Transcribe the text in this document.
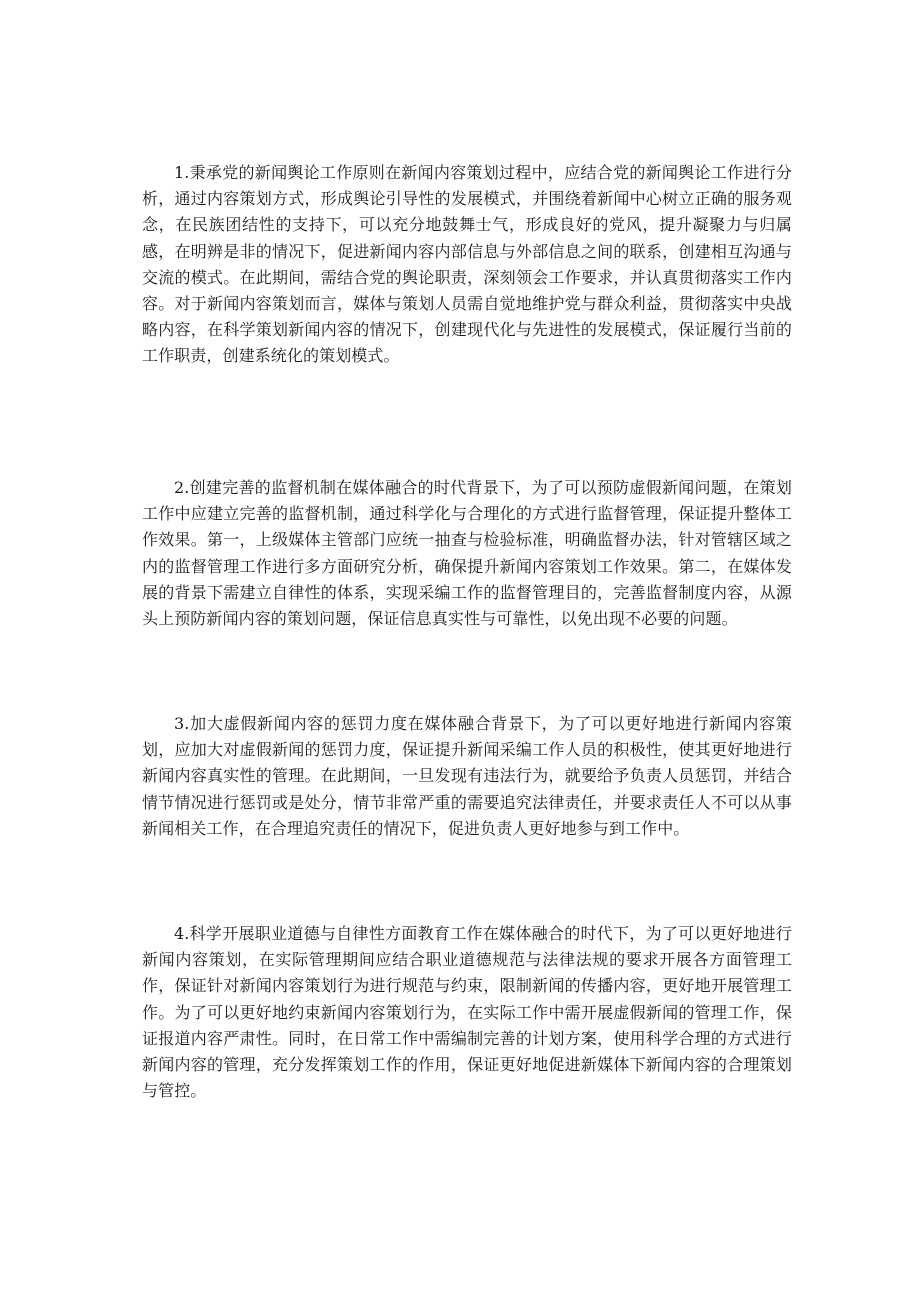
1.秉承党的新闻舆论工作原则在新闻内容策划过程中，应结合党的新闻舆论工作进行分析，通过内容策划方式，形成舆论引导性的发展模式，并围绕着新闻中心树立正确的服务观念，在民族团结性的支持下，可以充分地鼓舞士气，形成良好的党风，提升凝聚力与归属感，在明辨是非的情况下，促进新闻内容内部信息与外部信息之间的联系，创建相互沟通与交流的模式。在此期间，需结合党的舆论职责，深刻领会工作要求，并认真贯彻落实工作内容。对于新闻内容策划而言，媒体与策划人员需自觉地维护党与群众利益，贯彻落实中央战略内容，在科学策划新闻内容的情况下，创建现代化与先进性的发展模式，保证履行当前的工作职责，创建系统化的策划模式。

2.创建完善的监督机制在媒体融合的时代背景下，为了可以预防虚假新闻问题，在策划工作中应建立完善的监督机制，通过科学化与合理化的方式进行监督管理，保证提升整体工作效果。第一，上级媒体主管部门应统一抽查与检验标准，明确监督办法，针对管辖区域之内的监督管理工作进行多方面研究分析，确保提升新闻内容策划工作效果。第二，在媒体发展的背景下需建立自律性的体系，实现采编工作的监督管理目的，完善监督制度内容，从源头上预防新闻内容的策划问题，保证信息真实性与可靠性，以免出现不必要的问题。

3.加大虚假新闻内容的惩罚力度在媒体融合背景下，为了可以更好地进行新闻内容策划，应加大对虚假新闻的惩罚力度，保证提升新闻采编工作人员的积极性，使其更好地进行新闻内容真实性的管理。在此期间，一旦发现有违法行为，就要给予负责人员惩罚，并结合情节情况进行惩罚或是处分，情节非常严重的需要追究法律责任，并要求责任人不可以从事新闻相关工作，在合理追究责任的情况下，促进负责人更好地参与到工作中。

4.科学开展职业道德与自律性方面教育工作在媒体融合的时代下，为了可以更好地进行新闻内容策划，在实际管理期间应结合职业道德规范与法律法规的要求开展各方面管理工作，保证针对新闻内容策划行为进行规范与约束，限制新闻的传播内容，更好地开展管理工作。为了可以更好地约束新闻内容策划行为，在实际工作中需开展虚假新闻的管理工作，保证报道内容严肃性。同时，在日常工作中需编制完善的计划方案，使用科学合理的方式进行新闻内容的管理，充分发挥策划工作的作用，保证更好地促进新媒体下新闻内容的合理策划与管控。
